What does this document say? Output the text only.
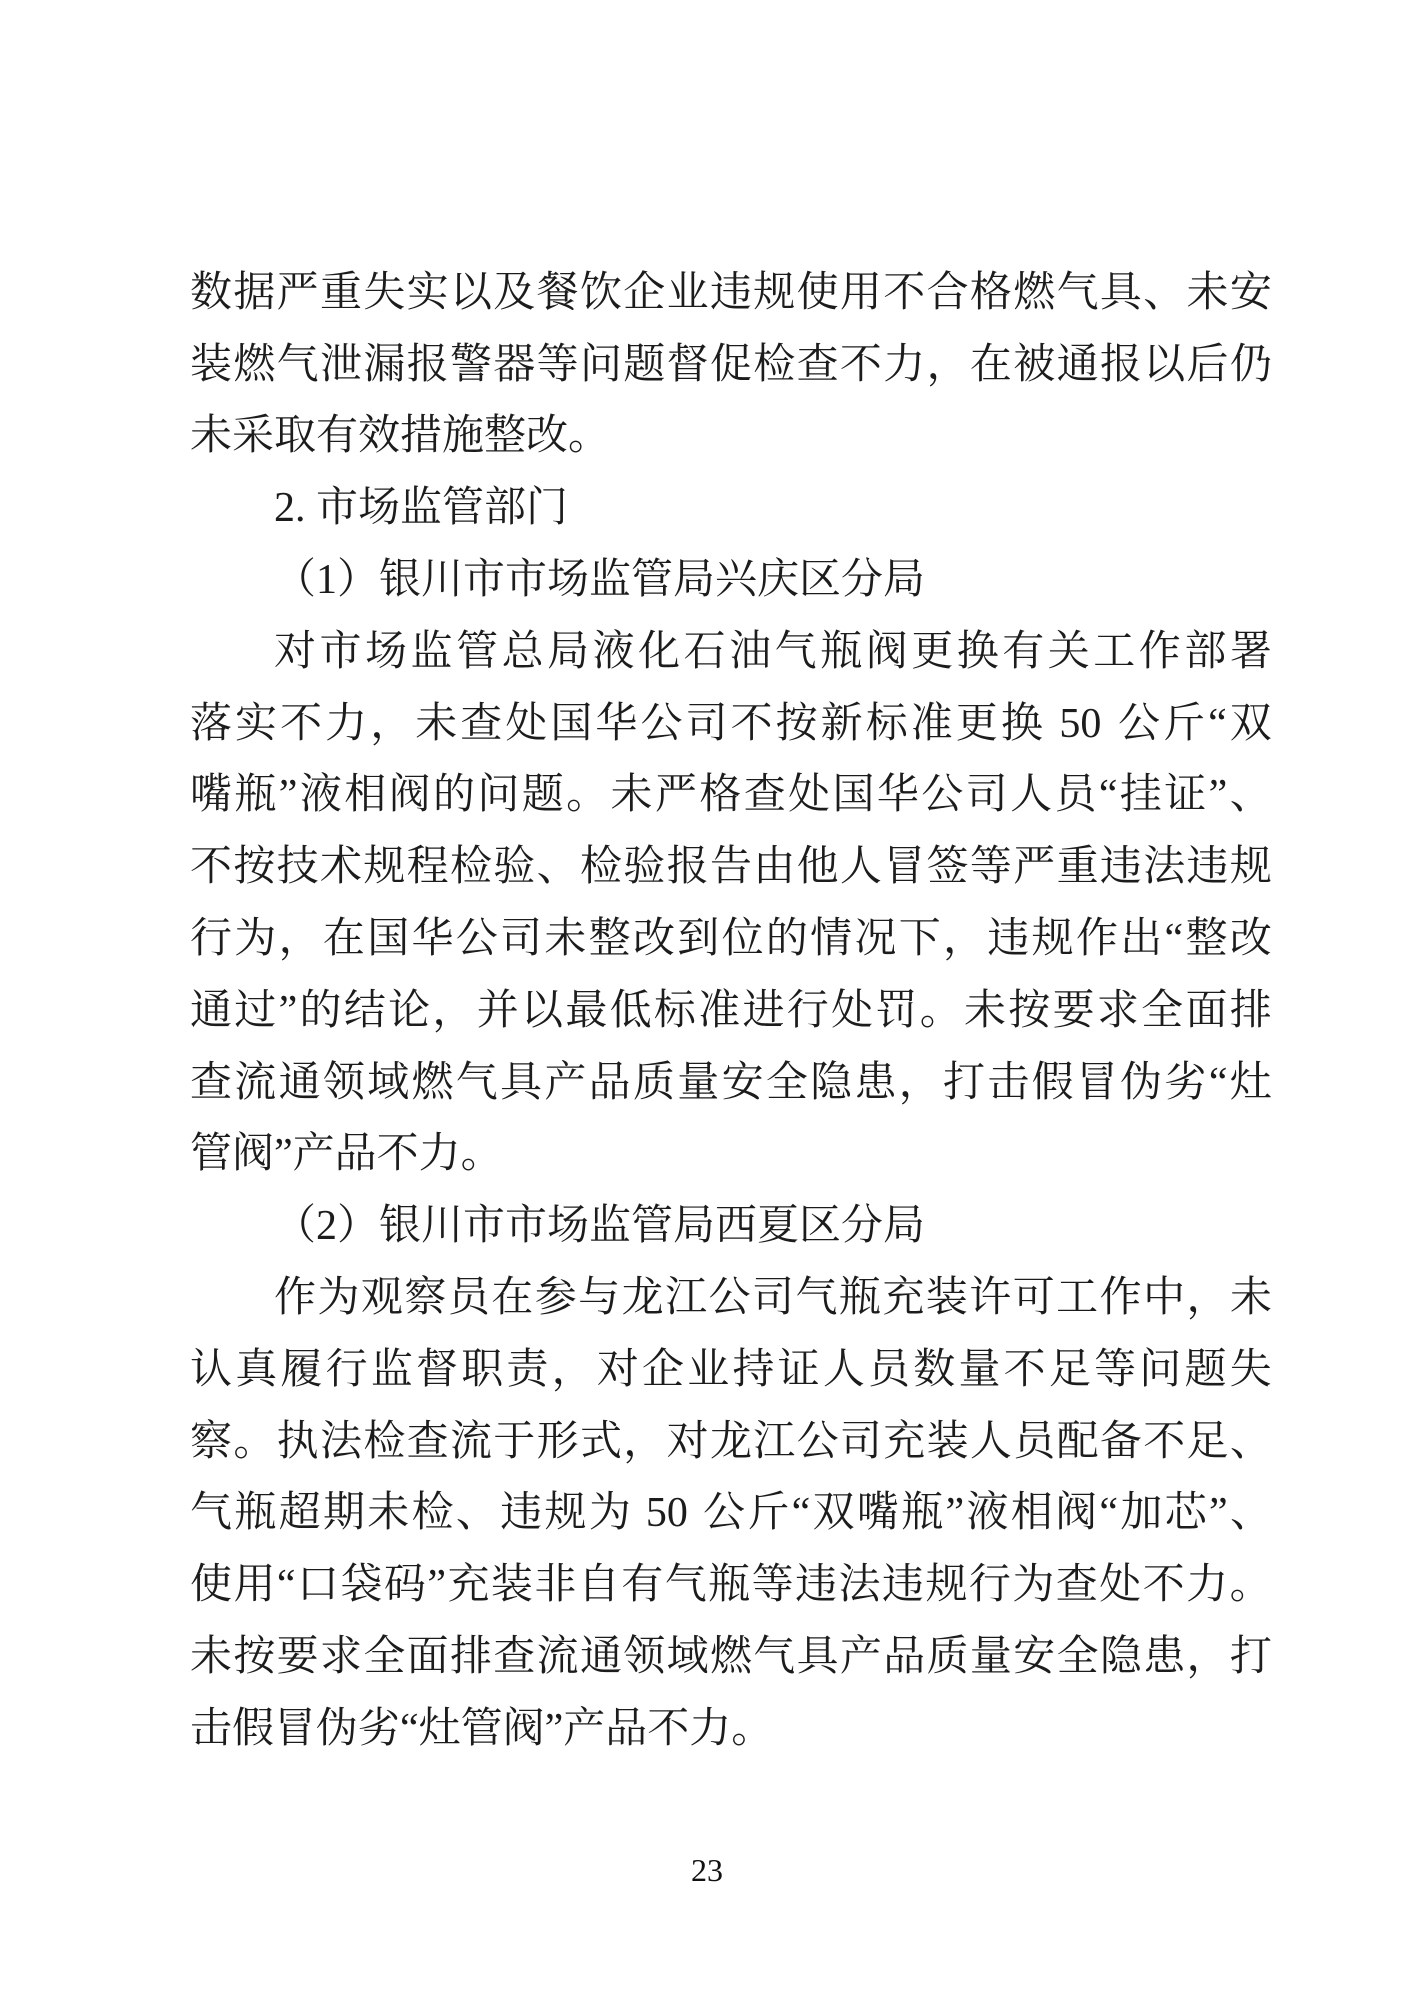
数 据 严 重 失 实 以 及 餐 饮 企 业 违 规 使 用 不 合 格 燃 气 具 、 未 安
装 燃 气 泄 漏 报 警 器 等 问 题 督 促 检 查 不 力 ， 在 被 通 报 以 后 仍
未采取有效措施整改。
2. 市场监管部门
（1）银川市市场监管局兴庆区分局
对 市 场 监 管 总 局 液 化 石 油 气 瓶 阀 更 换 有 关 工 作 部 署
落 实 不 力 ， 未 查 处 国 华 公 司 不 按 新 标 准 更 换
50
公 斤 “ 双
嘴 瓶 ” 液 相 阀 的 问 题 。 未 严 格 查 处 国 华 公 司 人 员 “ 挂 证 ” 、
不 按 技 术 规 程 检 验 、 检 验 报 告 由 他 人 冒 签 等 严 重 违 法 违 规
行 为 ， 在 国 华 公 司 未 整 改 到 位 的 情 况 下 ， 违 规 作 出 “ 整 改
通 过 ” 的 结 论 ， 并 以 最 低 标 准 进 行 处 罚 。 未 按 要 求 全 面 排
查 流 通 领 域 燃 气 具 产 品 质 量 安 全 隐 患 ， 打 击 假 冒 伪 劣 “ 灶
管阀”产品不力。
（2）银川市市场监管局西夏区分局
作 为 观 察 员 在 参 与 龙 江 公 司 气 瓶 充 装 许 可 工 作 中 ， 未
认 真 履 行 监 督 职 责 ， 对 企 业 持 证 人 员 数 量 不 足 等 问 题 失
察 。 执 法 检 查 流 于 形 式 ， 对 龙 江 公 司 充 装 人 员 配 备 不 足 、
气 瓶 超 期 未 检 、 违 规 为
50
公 斤 “ 双 嘴 瓶 ” 液 相 阀 “ 加 芯 ” 、
使 用 “ 口 袋 码 ” 充 装 非 自 有 气 瓶 等 违 法 违 规 行 为 查 处 不 力 。
未 按 要 求 全 面 排 查 流 通 领 域 燃 气 具 产 品 质 量 安 全 隐 患 ， 打
击假冒伪劣“灶管阀”产品不力。
23
